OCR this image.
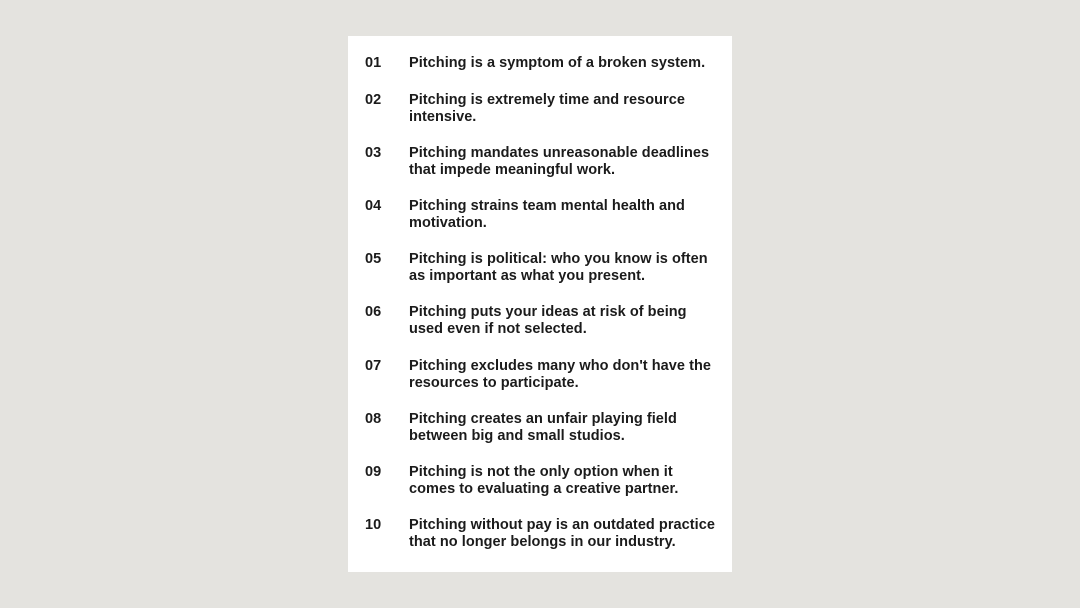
01 Pitching is a symptom of a broken system.
02 Pitching is extremely time and resource intensive.
03 Pitching mandates unreasonable deadlines that impede meaningful work.
04 Pitching strains team mental health and motivation.
05 Pitching is political: who you know is often as important as what you present.
06 Pitching puts your ideas at risk of being used even if not selected.
07 Pitching excludes many who don't have the resources to participate.
08 Pitching creates an unfair playing field between big and small studios.
09 Pitching is not the only option when it comes to evaluating a creative partner.
10 Pitching without pay is an outdated practice that no longer belongs in our industry.
